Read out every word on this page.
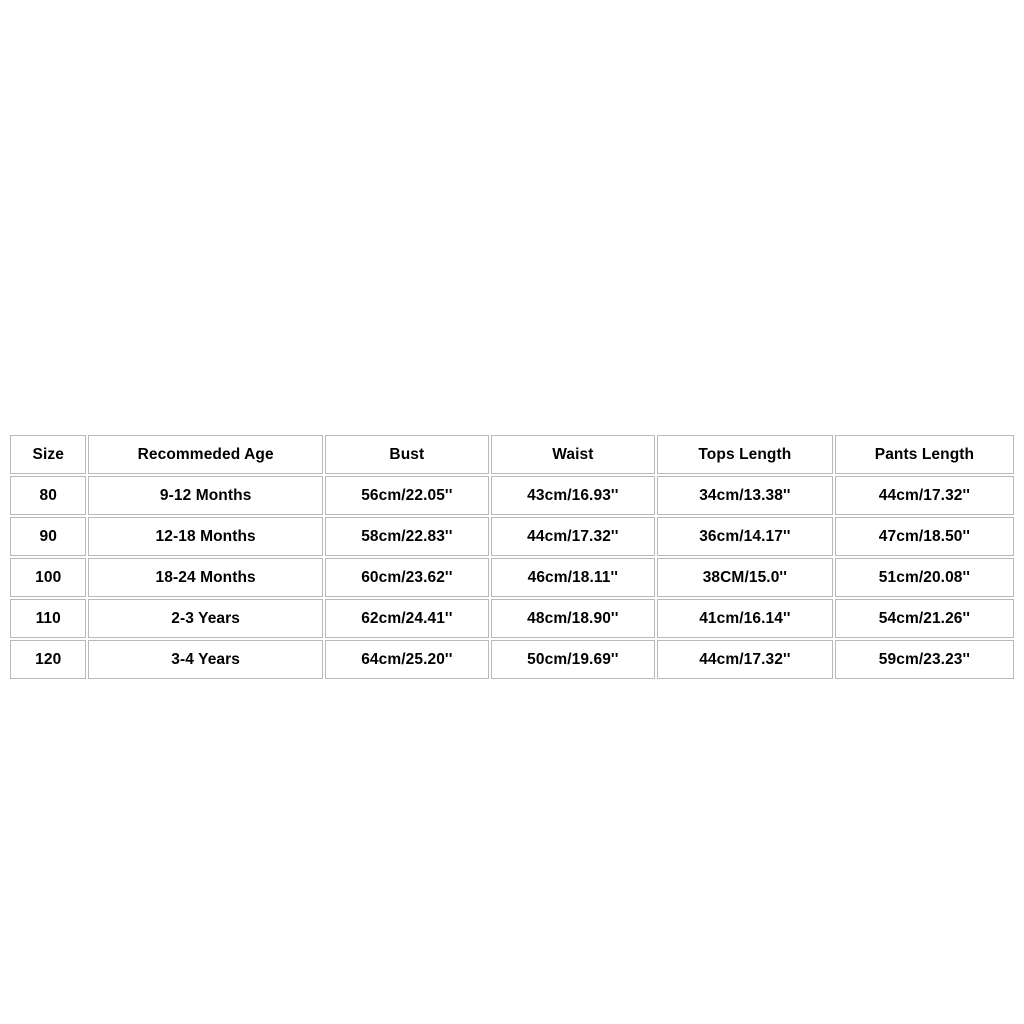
Size	Recommeded Age	Bust	Waist	Tops Length	Pants Length
80	9-12 Months	56cm/22.05''	43cm/16.93''	34cm/13.38''	44cm/17.32''
90	12-18 Months	58cm/22.83''	44cm/17.32''	36cm/14.17''	47cm/18.50''
100	18-24 Months	60cm/23.62''	46cm/18.11''	38CM/15.0''	51cm/20.08''
110	2-3 Years	62cm/24.41''	48cm/18.90''	41cm/16.14''	54cm/21.26''
120	3-4 Years	64cm/25.20''	50cm/19.69''	44cm/17.32''	59cm/23.23''
